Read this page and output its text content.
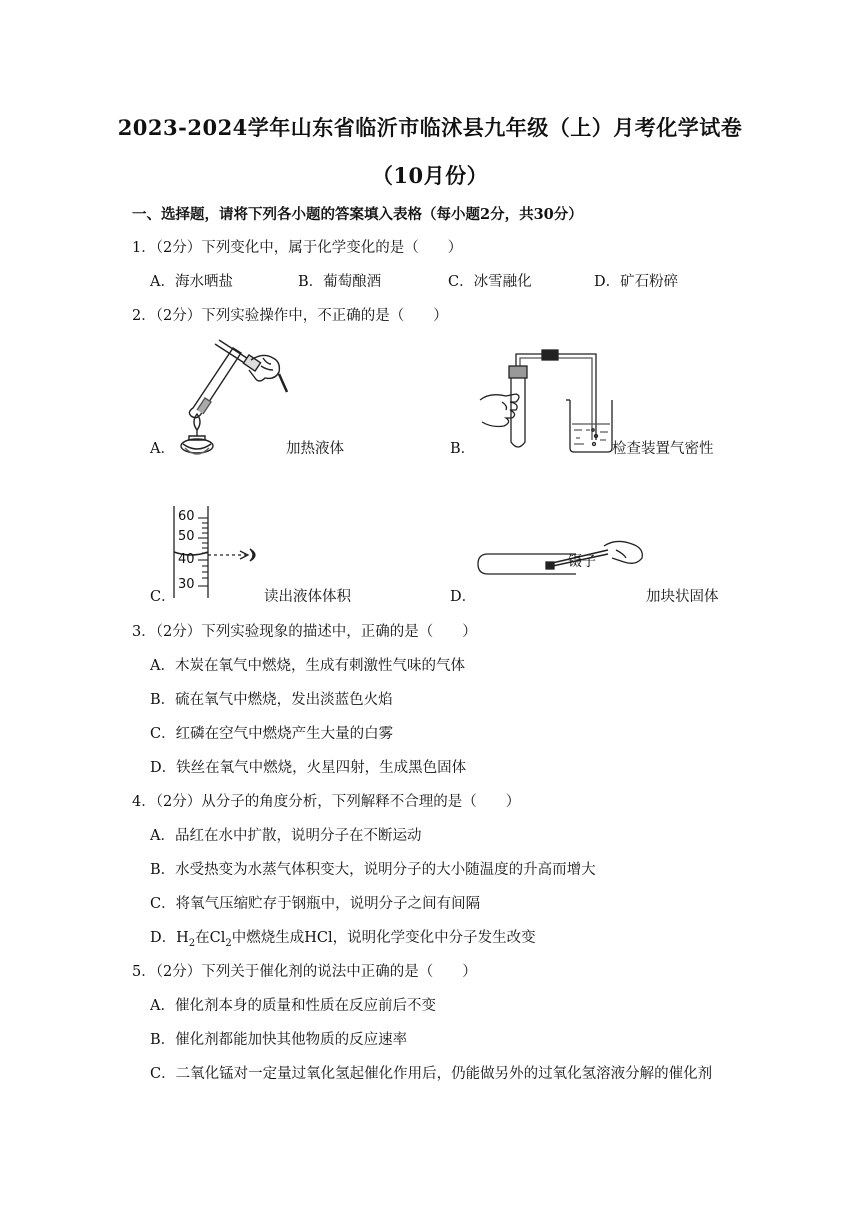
2023-2024学年山东省临沂市临沭县九年级（上）月考化学试卷
（10月份）
一、选择题，请将下列各小题的答案填入表格（每小题2分，共30分）
1．（2分）下列变化中，属于化学变化的是（　　）
A．海水晒盐	B．葡萄酿酒	C．冰雪融化	D．矿石粉碎
2．（2分）下列实验操作中，不正确的是（　　）
A．	加热液体	B．	检查装置气密性
60
50
40
30
C．	读出液体体积
镊子
D．	加块状固体
3．（2分）下列实验现象的描述中，正确的是（　　）
A．木炭在氧气中燃烧，生成有刺激性气味的气体
B．硫在氧气中燃烧，发出淡蓝色火焰
C．红磷在空气中燃烧产生大量的白雾
D．铁丝在氧气中燃烧，火星四射，生成黑色固体
4．（2分）从分子的角度分析，下列解释不合理的是（　　）
A．品红在水中扩散，说明分子在不断运动
B．水受热变为水蒸气体积变大，说明分子的大小随温度的升高而增大
C．将氧气压缩贮存于钢瓶中，说明分子之间有间隔
D．$H_2$在$Cl_2$中燃烧生成HCl，说明化学变化中分子发生改变
5．（2分）下列关于催化剂的说法中正确的是（　　）
A．催化剂本身的质量和性质在反应前后不变
B．催化剂都能加快其他物质的反应速率
C．二氧化锰对一定量过氧化氢起催化作用后，仍能做另外的过氧化氢溶液分解的催化剂
